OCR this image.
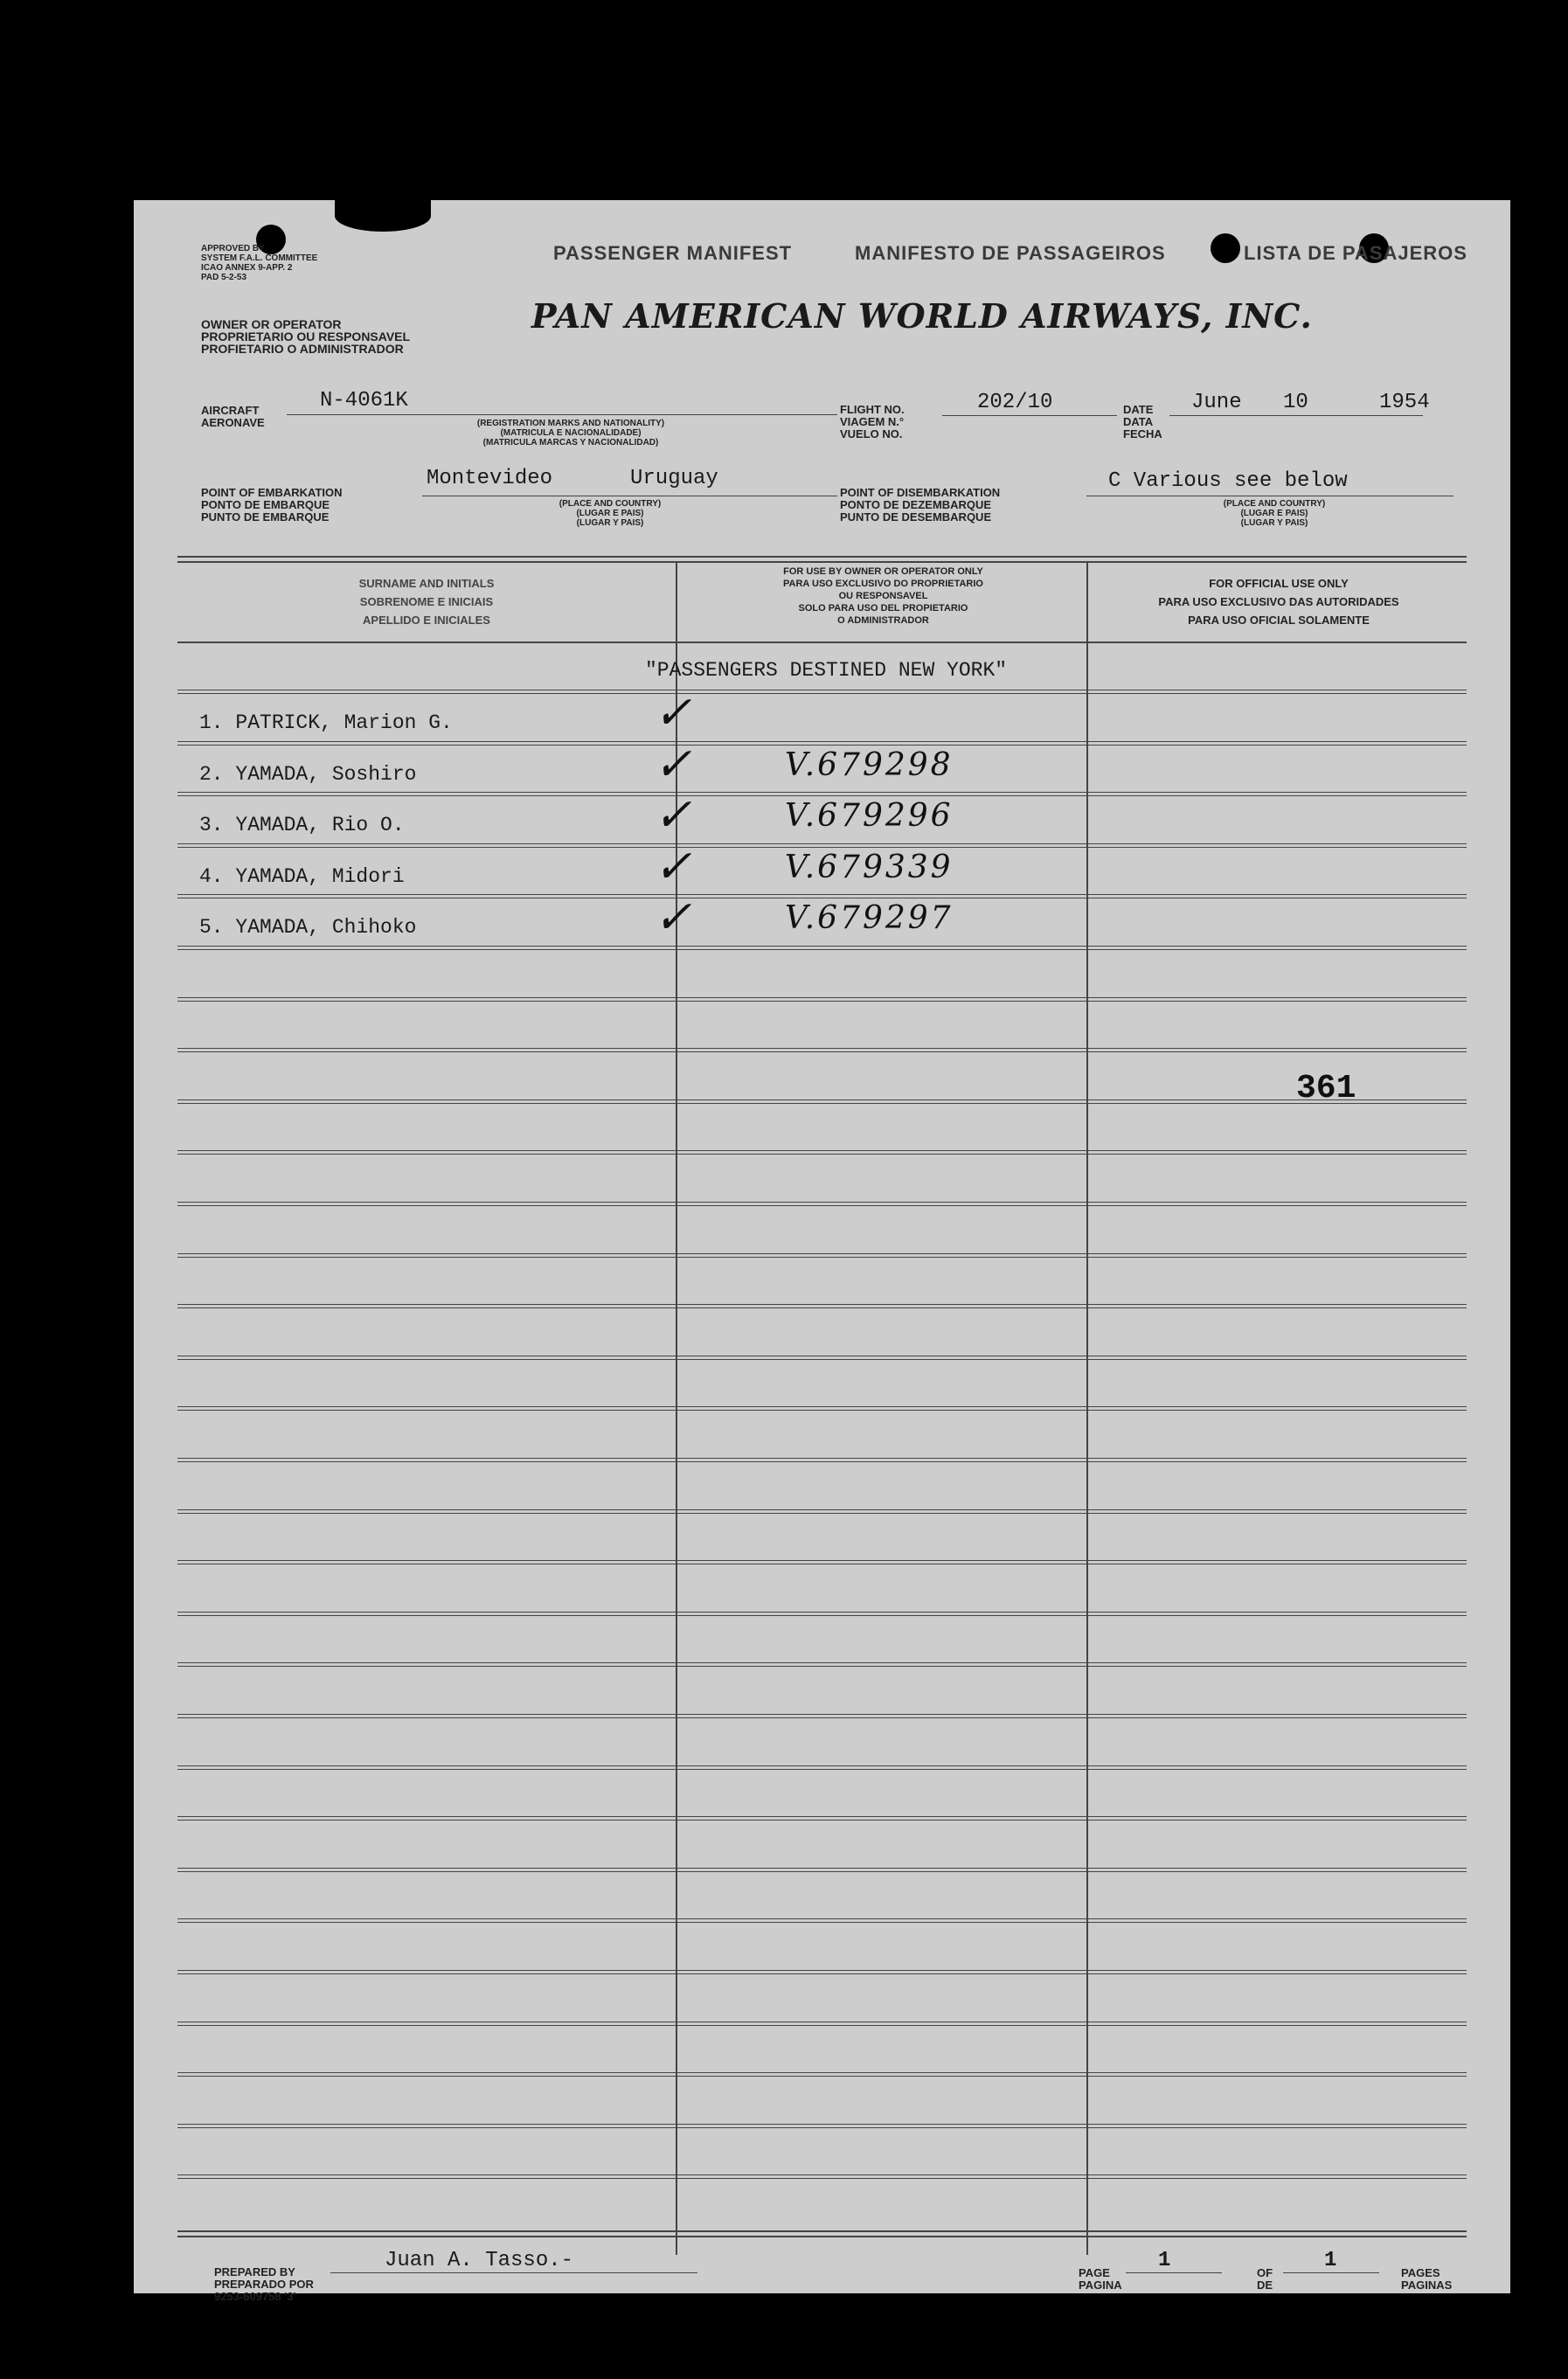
APPROVED BY
SYSTEM F.A.L. COMMITTEE
ICAO ANNEX 9-APP. 2
PAD 5-2-53
PASSENGER MANIFEST	MANIFESTO DE PASSAGEIROS	LISTA DE PASAJEROS
OWNER OR OPERATOR
PROPRIETARIO OU RESPONSAVEL
PROFIETARIO O ADMINISTRADOR
PAN AMERICAN WORLD AIRWAYS, INC.
AIRCRAFT
AERONAVE
N-4061K
(REGISTRATION MARKS AND NATIONALITY)
(MATRICULA E NACIONALIDADE)
(MATRICULA MARCAS Y NACIONALIDAD)
FLIGHT NO.
VIAGEM N.°
VUELO NO.
202/10	DATE
DATA
FECHA
June 10	1954
POINT OF EMBARKATION
PONTO DE EMBARQUE
PUNTO DE EMBARQUE
Montevideo	Uruguay
(PLACE AND COUNTRY)
(LUGAR E PAIS)
(LUGAR Y PAIS)
POINT OF DISEMBARKATION
PONTO DE DEZEMBARQUE
PUNTO DE DESEMBARQUE
C Various see below
(PLACE AND COUNTRY)
(LUGAR E PAIS)
(LUGAR Y PAIS)
SURNAME AND INITIALS
SOBRENOME E INICIAIS
APELLIDO E INICIALES
FOR USE BY OWNER OR OPERATOR ONLY
PARA USO EXCLUSIVO DO PROPRIETARIO
OU RESPONSAVEL
SOLO PARA USO DEL PROPIETARIO
O ADMINISTRADOR
FOR OFFICIAL USE ONLY
PARA USO EXCLUSIVO DAS AUTORIDADES
PARA USO OFICIAL SOLAMENTE
"PASSENGERS DESTINED NEW YORK"
1. PATRICK, Marion G.	✓
2. YAMADA, Soshiro	✓	V.679298
3. YAMADA, Rio O.	✓	V.679296
4. YAMADA, Midori	✓	V.679339
5. YAMADA, Chihoko	✓	V.679297
361
PREPARED BY
PREPARADO POR
9253-609758 '3'
Juan A. Tasso.-
PAGE
PAGINA
1
OF
DE
1
PAGES
PAGINAS
